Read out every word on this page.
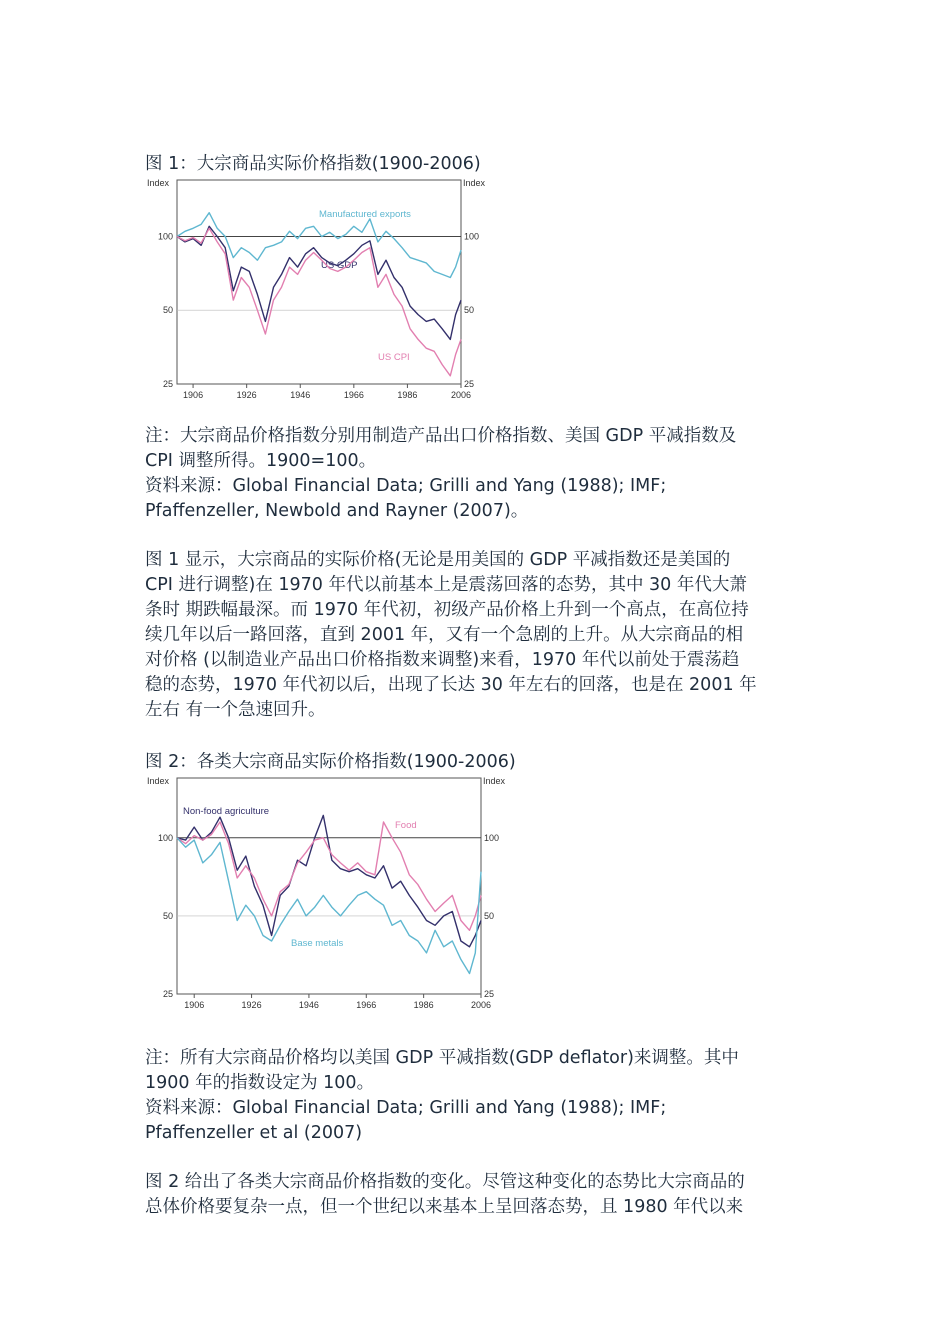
图 1：大宗商品实际价格指数(1900-2006)
Index	Index
25	25
50	50
100	100
1906	1926	1946	1966	1986	2006
Manufactured exports
US GDP
US CPI
注：大宗商品价格指数分别用制造产品出口价格指数、美国 GDP 平减指数及
CPI 调整所得。1900=100。
资料来源：Global Financial Data; Grilli and Yang (1988); IMF;
Pfaffenzeller, Newbold and Rayner (2007)。
图 1 显示，大宗商品的实际价格(无论是用美国的 GDP 平减指数还是美国的
CPI 进行调整)在 1970 年代以前基本上是震荡回落的态势，其中 30 年代大萧
条时 期跌幅最深。而 1970 年代初，初级产品价格上升到一个高点，在高位持
续几年以后一路回落，直到 2001 年，又有一个急剧的上升。从大宗商品的相
对价格 (以制造业产品出口价格指数来调整)来看，1970 年代以前处于震荡趋
稳的态势，1970 年代初以后，出现了长达 30 年左右的回落，也是在 2001 年
左右 有一个急速回升。
图 2：各类大宗商品实际价格指数(1900-2006)
Index	Index
25	25
50	50
100	100
1906	1926	1946	1966	1986	2006
Non-food agriculture
Food
Base metals
注：所有大宗商品价格均以美国 GDP 平减指数(GDP deflator)来调整。其中
1900 年的指数设定为 100。
资料来源：Global Financial Data; Grilli and Yang (1988); IMF;
Pfaffenzeller et al (2007)
图 2 给出了各类大宗商品价格指数的变化。尽管这种变化的态势比大宗商品的
总体价格要复杂一点，但一个世纪以来基本上呈回落态势，且 1980 年代以来
